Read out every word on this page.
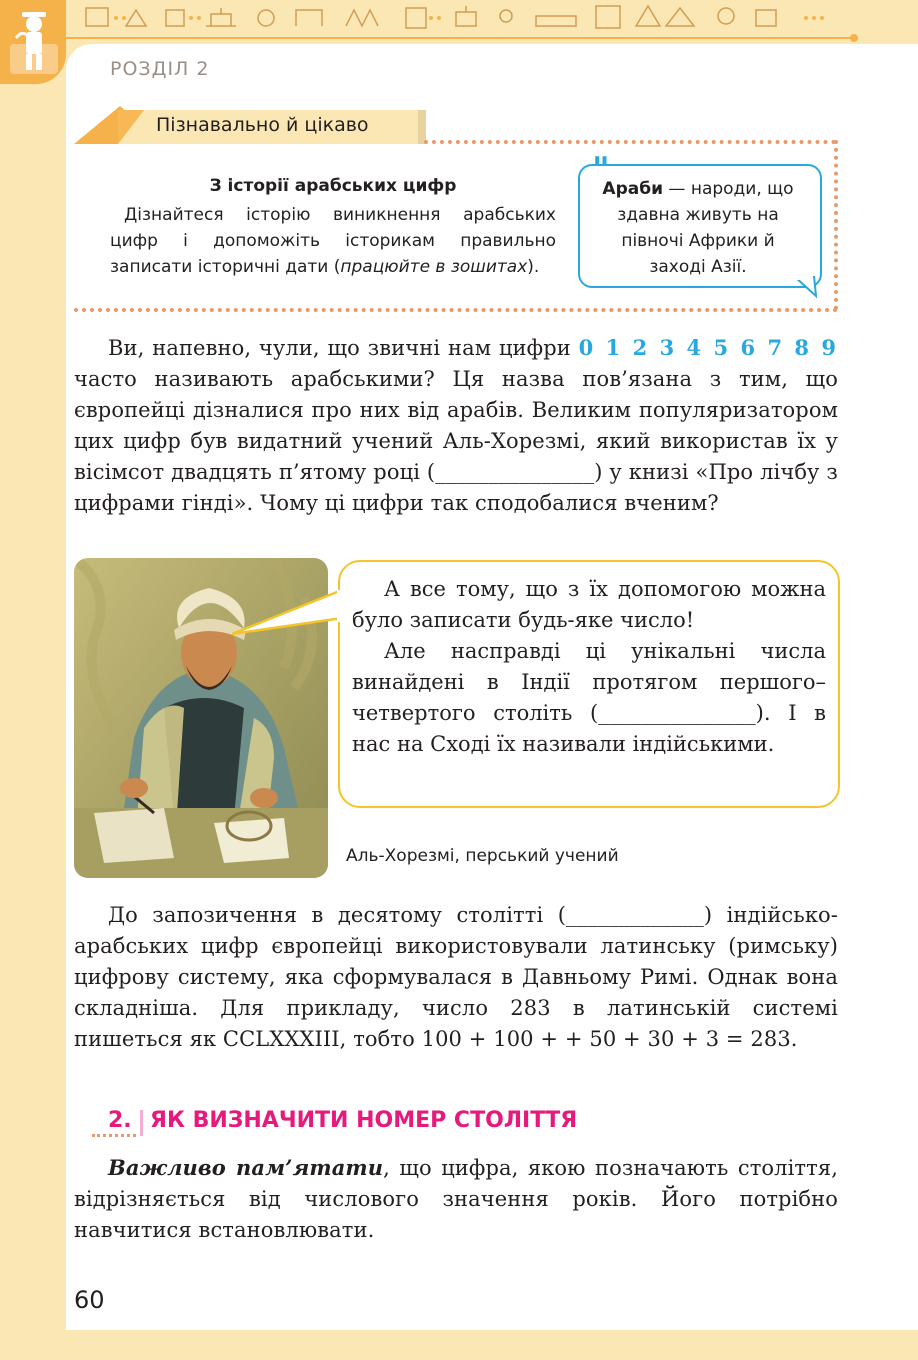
РОЗДІЛ 2
Пізнавально й цікаво
З історії арабських цифр
Дізнайтеся історію виникнення арабських цифр і допоможіть історикам правильно записати історичні дати (працюйте в зошитах).
"
Араби — народи, що здавна живуть на півночі Африки й заході Азії.
Ви, напевно, чули, що звичні нам цифри 0 1 2 3 4 5 6 7 8 9 часто називають арабськими? Ця назва пов’язана з тим, що європейці дізналися про них від арабів. Великим популяризатором цих цифр був видатний учений Аль-Хорезмі, який використав їх у вісімсот двадцять п’ятому році (_______________) у книзі «Про лічбу з цифрами гінді». Чому ці цифри так сподобалися вченим?

А все тому, що з їх допомогою можна було записати будь-яке число!

Але насправді ці унікальні числа винайдені в Індії протягом першого–четвертого століть (_______________). І в нас на Сході їх називали індійськими.

Аль-Хорезмі, перський учений
До запозичення в десятому столітті (_____________) індійсько-арабських цифр європейці використовували латинську (римську) цифрову систему, яка сформувалася в Давньому Римі. Однак вона складніша. Для прикладу, число 283 в латинській системі пишеться як CCLXXXIII, тобто 100 + 100 + + 50 + 30 + 3 = 283.
2. ЯК ВИЗНАЧИТИ НОМЕР СТОЛІТТЯ
Важливо пам’ятати, що цифра, якою позначають століття, відрізняється від числового значення років. Його потрібно навчитися встановлювати.
60
